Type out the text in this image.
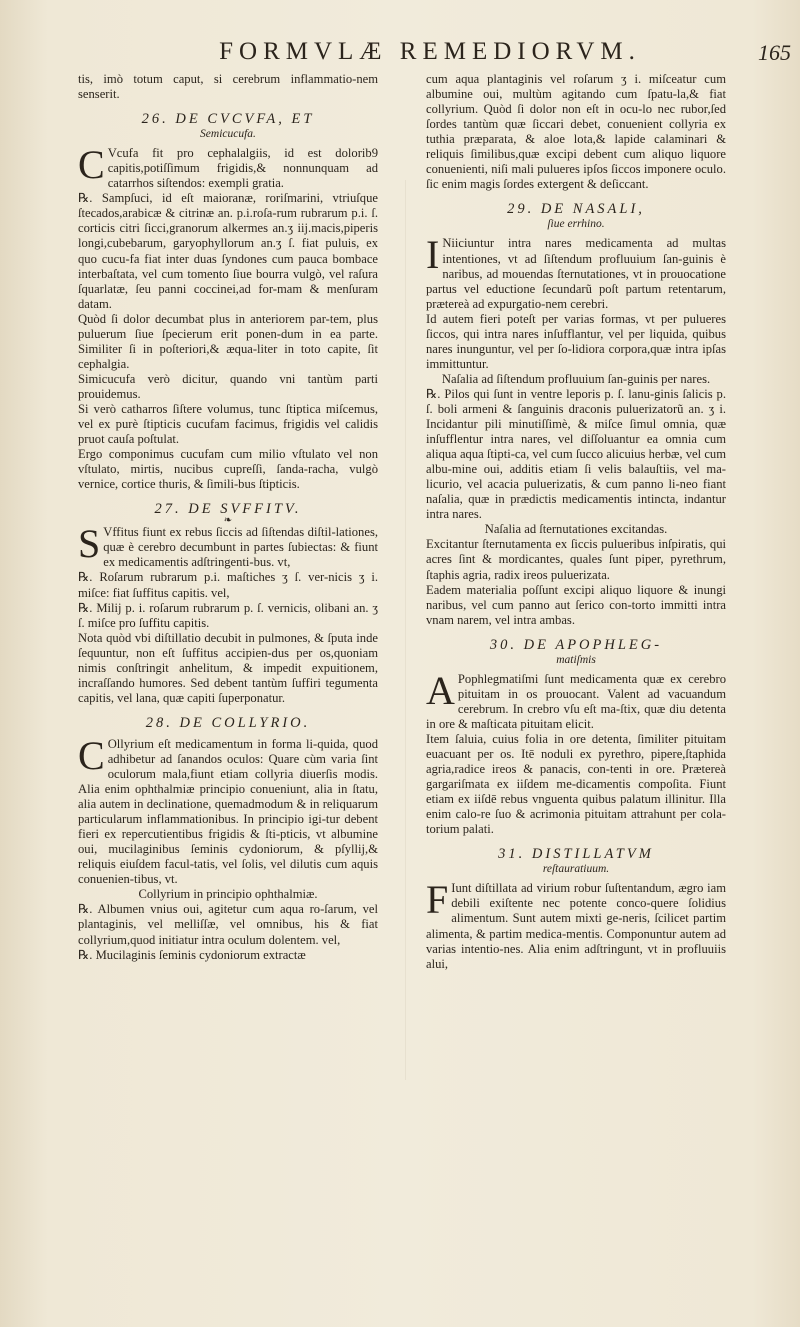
FORMVLÆ REMEDIORVM.	165

tis, imò totum caput, si cerebrum inflammatio-nem senserit.

26. DE CVCVFA, ET
Semicucufa.

CVcufa fit pro cephalalgiis, id est dolorib9 capitis,potiſſimum frigidis,& nonnunquam ad catarrhos siſtendos: exempli gratia.

℞. Sampſuci, id eſt maioranæ, roriſmarini, vtriuſque ſtecados,arabicæ & citrinæ an. p.i.roſa-rum rubrarum p.i. ſ. corticis citri ſicci,granorum alkermes an.ʒ iij.macis,piperis longi,cubebarum, garyophyllorum an.ʒ ſ. fiat puluis, ex quo cucu-fa fiat inter duas ſyndones cum pauca bombace interbaſtata, vel cum tomento ſiue bourra vulgò, vel raſura ſquarlatæ, ſeu panni coccinei,ad for-mam & menſuram datam.

Quòd ſi dolor decumbat plus in anteriorem par-tem, plus puluerum ſiue ſpecierum erit ponen-dum in ea parte. Similiter ſi in poſteriori,& æqua-liter in toto capite, ſit cephalgia.

Simicucufa verò dicitur, quando vni tantùm parti prouidemus.

Si verò catharros ſiſtere volumus, tunc ſtiptica miſcemus, vel ex purè ſtipticis cucufam facimus, frigidis vel calidis pruot cauſa poſtulat.

Ergo componimus cucufam cum milio vſtulato vel non vſtulato, mirtis, nucibus cupreſſi, ſanda-racha, vulgò vernice, cortice thuris, & ſimili-bus ſtipticis.

27. DE SVFFITV.
❧

SVffitus fiunt ex rebus ſiccis ad ſiſtendas diſtil-lationes, quæ è cerebro decumbunt in partes ſubiectas: & fiunt ex medicamentis adſtringenti-bus. vt,

℞. Roſarum rubrarum p.i. maſtiches ʒ ſ. ver-nicis ʒ i. miſce: fiat ſuffitus capitis. vel,

℞. Milij p. i. roſarum rubrarum p. ſ. vernicis, olibani an. ʒ ſ. miſce pro ſuffitu capitis.

Nota quòd vbi diſtillatio decubit in pulmones, & ſputa inde ſequuntur, non eſt ſuffitus accipien-dus per os,quoniam nimis conſtringit anhelitum, & impedit expuitionem, incraſſando humores. Sed debent tantùm ſuffiri tegumenta capitis, vel lana, quæ capiti ſuperponatur.

28. DE COLLYRIO.

COllyrium eſt medicamentum in forma li-quida, quod adhibetur ad ſanandos oculos: Quare cùm varia ſint oculorum mala,fiunt etiam collyria diuerſis modis. Alia enim ophthalmiæ principio conueniunt, alia in ſtatu, alia autem in declinatione, quemadmodum & in reliquarum particularum inflammationibus. In principio igi-tur debent fieri ex repercutientibus frigidis & ſti-pticis, vt albumine oui, mucilaginibus ſeminis cydoniorum, & pſyllij,& reliquis eiuſdem facul-tatis, vel ſolis, vel dilutis cum aquis conuenien-tibus, vt.

Collyrium in principio ophthalmiæ.

℞. Albumen vnius oui, agitetur cum aqua ro-ſarum, vel plantaginis, vel melliſſæ, vel omnibus, his & fiat collyrium,quod initiatur intra oculum dolentem. vel,

℞. Mucilaginis ſeminis cydoniorum extractæ

cum aqua plantaginis vel roſarum ʒ i. miſceatur cum albumine oui, multùm agitando cum ſpatu-la,& fiat collyrium. Quòd ſi dolor non eſt in ocu-lo nec rubor,ſed ſordes tantùm quæ ſiccari debet, conuenient collyria ex tuthia præparata, & aloe lota,& lapide calaminari & reliquis ſimilibus,quæ excipi debent cum aliquo liquore conuenienti, niſi mali pulueres ipſos ſiccos imponere oculo. ſic enim magis ſordes extergent & deſiccant.

29. DE NASALI,
ſiue errhino.

INiiciuntur intra nares medicamenta ad multas intentiones, vt ad ſiſtendum profluuium ſan-guinis è naribus, ad mouendas ſternutationes, vt in prouocatione partus vel eductione ſecundarũ poſt partum retentarum, prætereà ad expurgatio-nem cerebri.

Id autem fieri poteſt per varias formas, vt per pulueres ſiccos, qui intra nares inſufflantur, vel per liquida, quibus nares inunguntur, vel per ſo-lidiora corpora,quæ intra ipſas immittuntur.

Naſalia ad ſiſtendum profluuium ſan-guinis per nares.

℞. Pilos qui ſunt in ventre leporis p. ſ. lanu-ginis ſalicis p. ſ. boli armeni & ſanguinis draconis puluerizatorũ an. ʒ i. Incidantur pili minutiſſimè, & miſce ſimul omnia, quæ inſufflentur intra nares, vel diſſoluantur ea omnia cum aliqua aqua ſtipti-ca, vel cum ſucco alicuius herbæ, vel cum albu-mine oui, additis etiam ſi velis balauſtiis, vel ma-licurio, vel acacia puluerizatis, & cum panno li-neo fiant naſalia, quæ in prædictis medicamentis intincta, indantur intra nares.

Naſalia ad ſternutationes excitandas.

Excitantur ſternutamenta ex ſiccis pulueribus inſpiratis, qui acres ſint & mordicantes, quales ſunt piper, pyrethrum, ſtaphis agria, radix ireos puluerizata.

Eadem materialia poſſunt excipi aliquo liquore & inungi naribus, vel cum panno aut ſerico con-torto immitti intra vnam narem, vel intra ambas.

30. DE APOPHLEG-
matiſmis

APophlegmatiſmi ſunt medicamenta quæ ex cerebro pituitam in os prouocant. Valent ad vacuandum cerebrum. In crebro vſu eſt ma-ſtix, quæ diu detenta in ore & maſticata pituitam elicit.

Item ſaluia, cuius folia in ore detenta, ſimiliter pituitam euacuant per os. Itē noduli ex pyrethro, pipere,ſtaphida agria,radice ireos & panacis, con-tenti in ore. Prætereà gargariſmata ex iiſdem me-dicamentis compoſita. Fiunt etiam ex iiſdē rebus vnguenta quibus palatum illinitur. Illa enim calo-re ſuo & acrimonia pituitam attrahunt per cola-torium palati.

31. DISTILLATVM
reſtauratiuum.

FIunt diſtillata ad virium robur ſuſtentandum, ægro iam debili exiſtente nec potente conco-quere ſolidius alimentum. Sunt autem mixti ge-neris, ſcilicet partim alimenta, & partim medica-mentis. Componuntur autem ad varias intentio-nes. Alia enim adſtringunt, vt in profluuiis alui,
